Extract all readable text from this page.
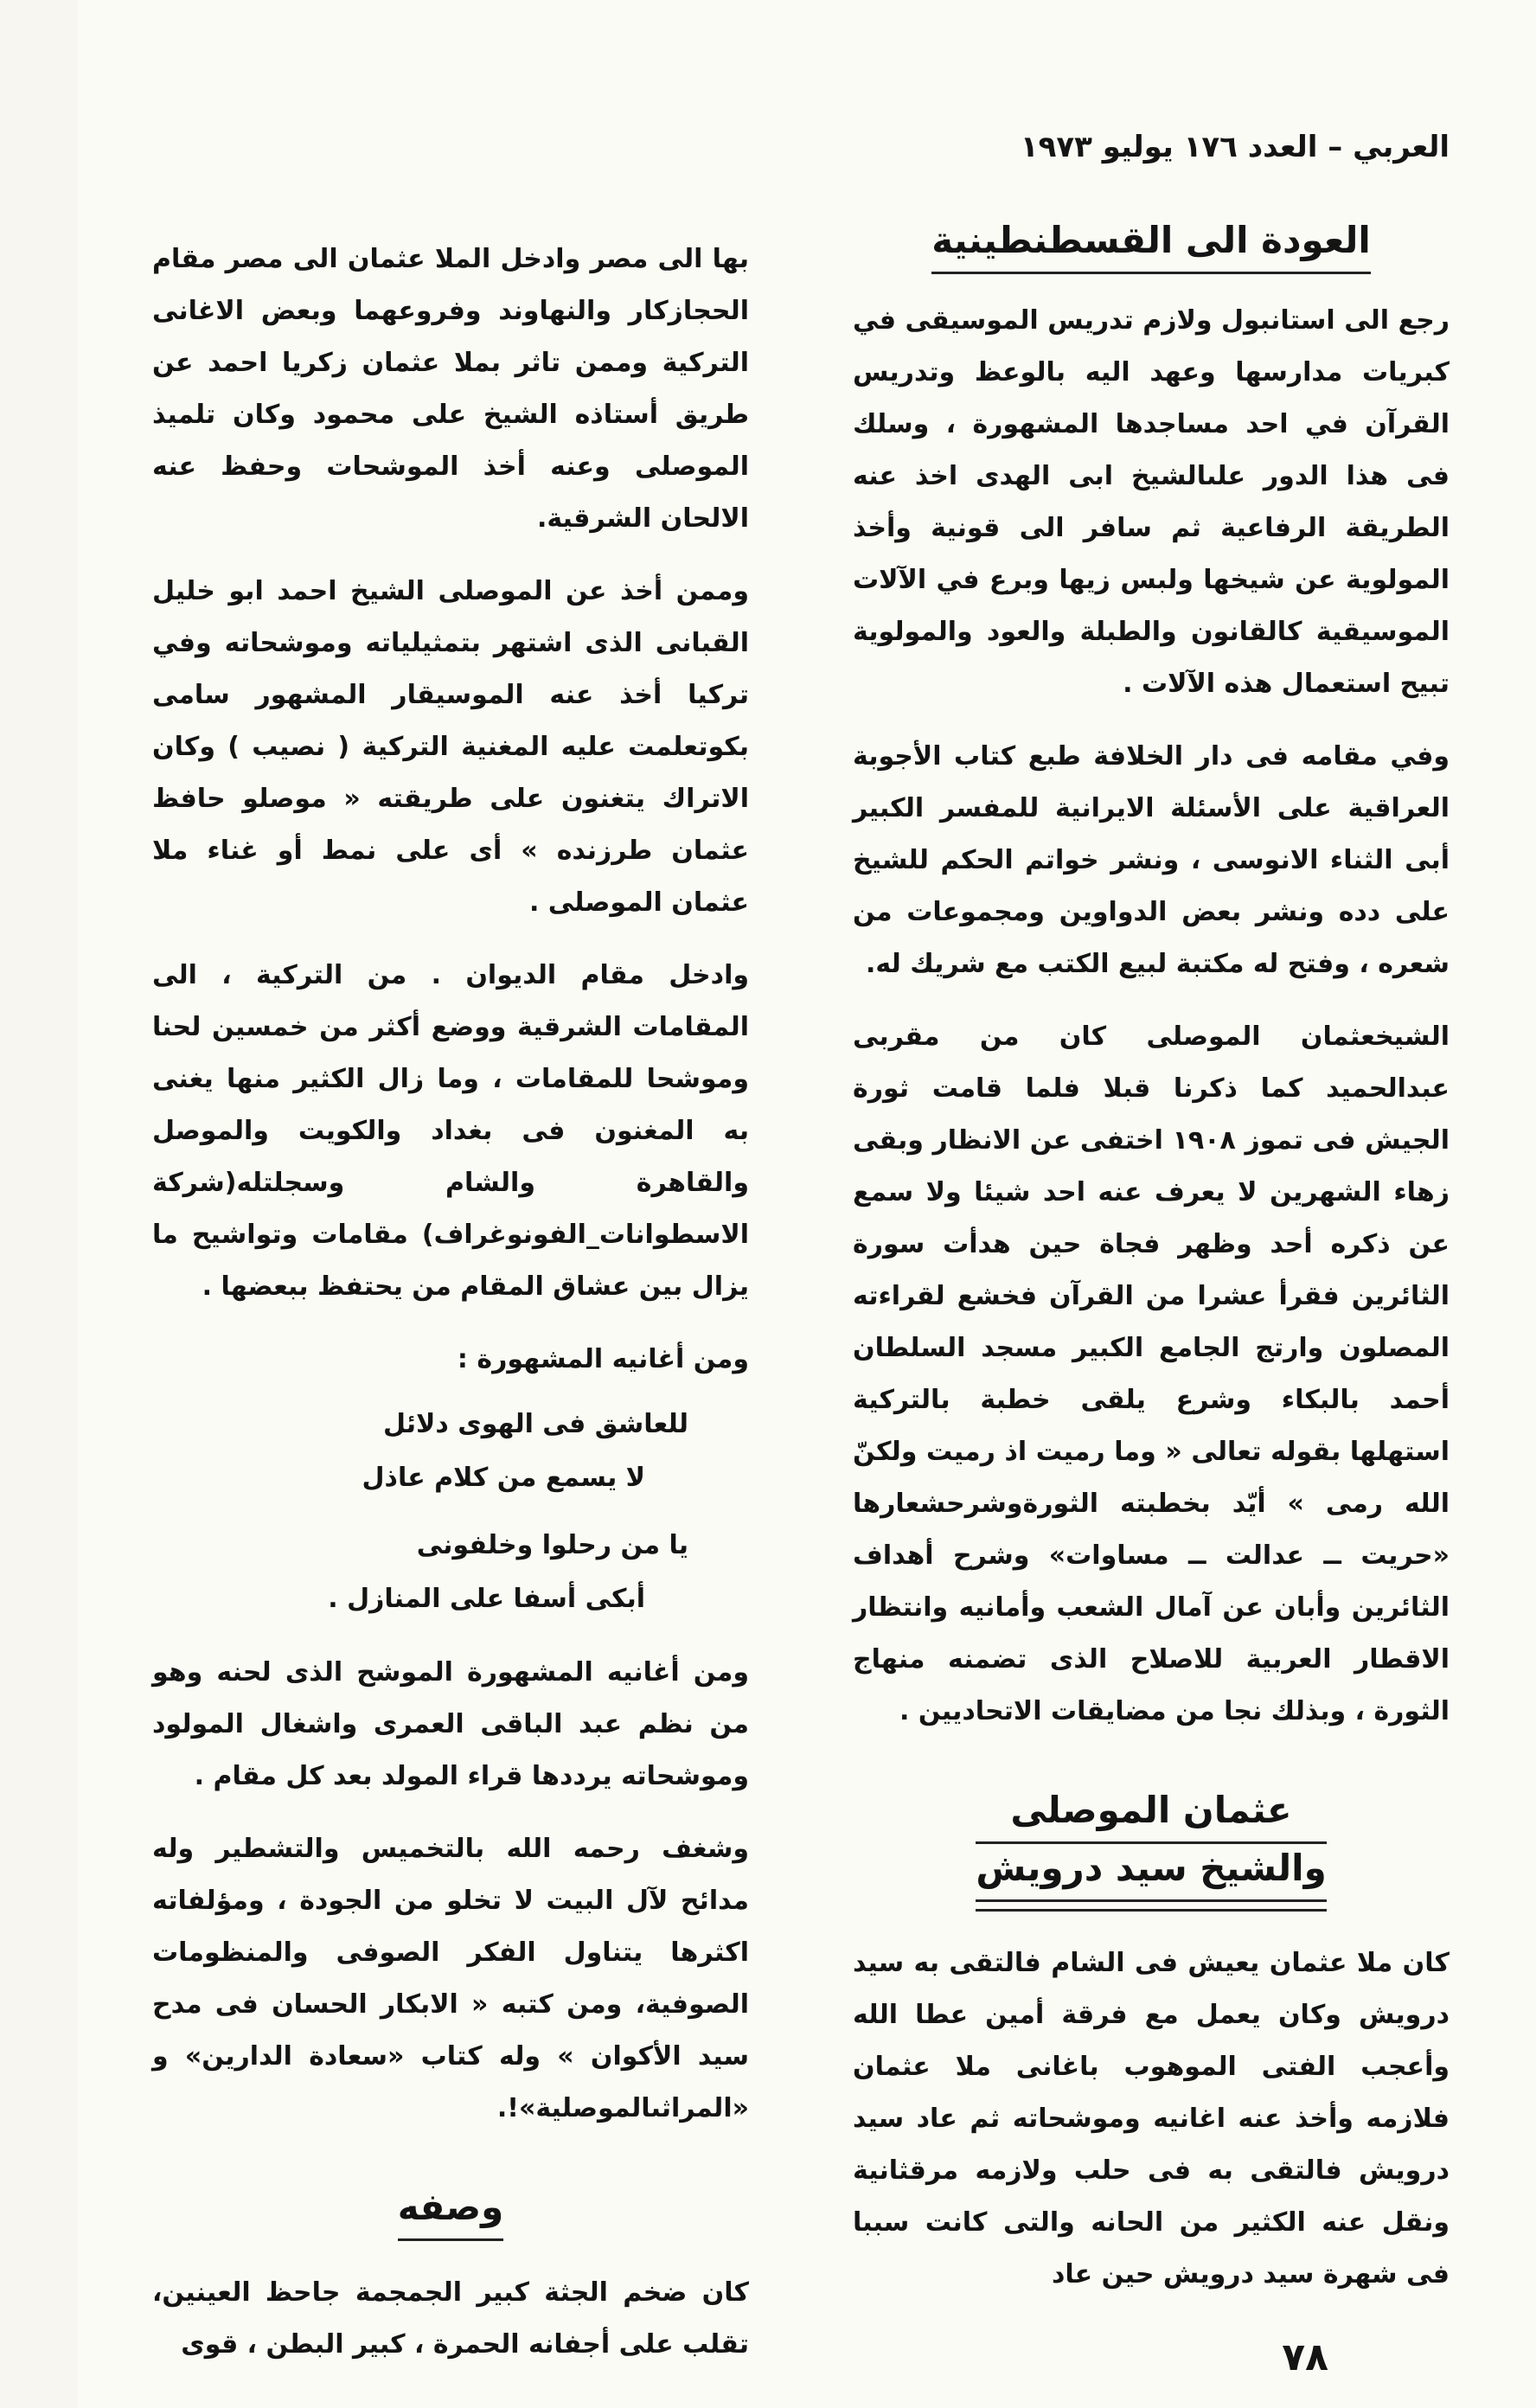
العربي – العدد ١٧٦ يوليو ١٩٧٣
العودة الى القسطنطينية

رجع الى استانبول ولازم تدريس الموسيقى في كبريات مدارسها وعهد اليه بالوعظ وتدريس القرآن في احد مساجدها المشهورة ، وسلك فى هذا الدور علىالشيخ ابى الهدى اخذ عنه الطريقة الرفاعية ثم سافر الى قونية وأخذ المولوية عن شيخها ولبس زيها وبرع في الآلات الموسيقية كالقانون والطبلة والعود والمولوية تبيح استعمال هذه الآلات .

وفي مقامه فى دار الخلافة طبع كتاب الأجوبة العراقية على الأسئلة الايرانية للمفسر الكبير أبى الثناء الانوسى ، ونشر خواتم الحكم للشيخ على دده ونشر بعض الدواوين ومجموعات من شعره ، وفتح له مكتبة لبيع الكتب مع شريك له.

الشيخعثمان الموصلى كان من مقربى عبدالحميد كما ذكرنا قبلا فلما قامت ثورة الجيش فى تموز ١٩٠٨ اختفى عن الانظار وبقى زهاء الشهرين لا يعرف عنه احد شيئا ولا سمع عن ذكره أحد وظهر فجاة حين هدأت سورة الثائرين فقرأ عشرا من القرآن فخشع لقراءته المصلون وارتج الجامع الكبير مسجد السلطان أحمد بالبكاء وشرع يلقى خطبة بالتركية استهلها بقوله تعالى « وما رميت اذ رميت ولكنّ الله رمى » أيّد بخطبته الثورةوشرحشعارها «حريت ــ عدالت ــ مساوات» وشرح أهداف الثائرين وأبان عن آمال الشعب وأمانيه وانتظار الاقطار العربية للاصلاح الذى تضمنه منهاج الثورة ، وبذلك نجا من مضايقات الاتحاديين .

عثمان الموصلى
والشيخ سيد درويش

كان ملا عثمان يعيش فى الشام فالتقى به سيد درويش وكان يعمل مع فرقة أمين عطا الله وأعجب الفتى الموهوب باغانى ملا عثمان فلازمه وأخذ عنه اغانيه وموشحاته ثم عاد سيد درويش فالتقى به فى حلب ولازمه مرقثانية ونقل عنه الكثير من الحانه والتى كانت سببا فى شهرة سيد درويش حين عاد

بها الى مصر وادخل الملا عثمان الى مصر مقام الحجازكار والنهاوند وفروعهما وبعض الاغانى التركية وممن تاثر بملا عثمان زكريا احمد عن طريق أستاذه الشيخ على محمود وكان تلميذ الموصلى وعنه أخذ الموشحات وحفظ عنه الالحان الشرقية.

وممن أخذ عن الموصلى الشيخ احمد ابو خليل القبانى الذى اشتهر بتمثيلياته وموشحاته وفي تركيا أخذ عنه الموسيقار المشهور سامى بكوتعلمت عليه المغنية التركية ( نصيب ) وكان الاتراك يتغنون على طريقته « موصلو حافظ عثمان طرزنده » أى على نمط أو غناء ملا عثمان الموصلى .

وادخل مقام الديوان . من التركية ، الى المقامات الشرقية ووضع أكثر من خمسين لحنا وموشحا للمقامات ، وما زال الكثير منها يغنى به المغنون فى بغداد والكويت والموصل والقاهرة والشام وسجلتله(شركة الاسطوانات_الفونوغراف) مقامات وتواشيح ما يزال بين عشاق المقام من يحتفظ ببعضها .

ومن أغانيه المشهورة :

للعاشق فى الهوى دلائل
لا يسمع من كلام عاذل
يا من رحلوا وخلفونى
أبكى أسفا على المنازل .

ومن أغانيه المشهورة الموشح الذى لحنه وهو من نظم عبد الباقى العمرى واشغال المولود وموشحاته يرددها قراء المولد بعد كل مقام .

وشغف رحمه الله بالتخميس والتشطير وله مدائح لآل البيت لا تخلو من الجودة ، ومؤلفاته اكثرها يتناول الفكر الصوفى والمنظومات الصوفية، ومن كتبه « الابكار الحسان فى مدح سيد الأكوان » وله كتاب «سعادة الدارين» و «المراثىالموصلية»!.

وصفه

كان ضخم الجثة كبير الجمجمة جاحظ العينين، تقلب على أجفانه الحمرة ، كبير البطن ، قوى	٧٨
